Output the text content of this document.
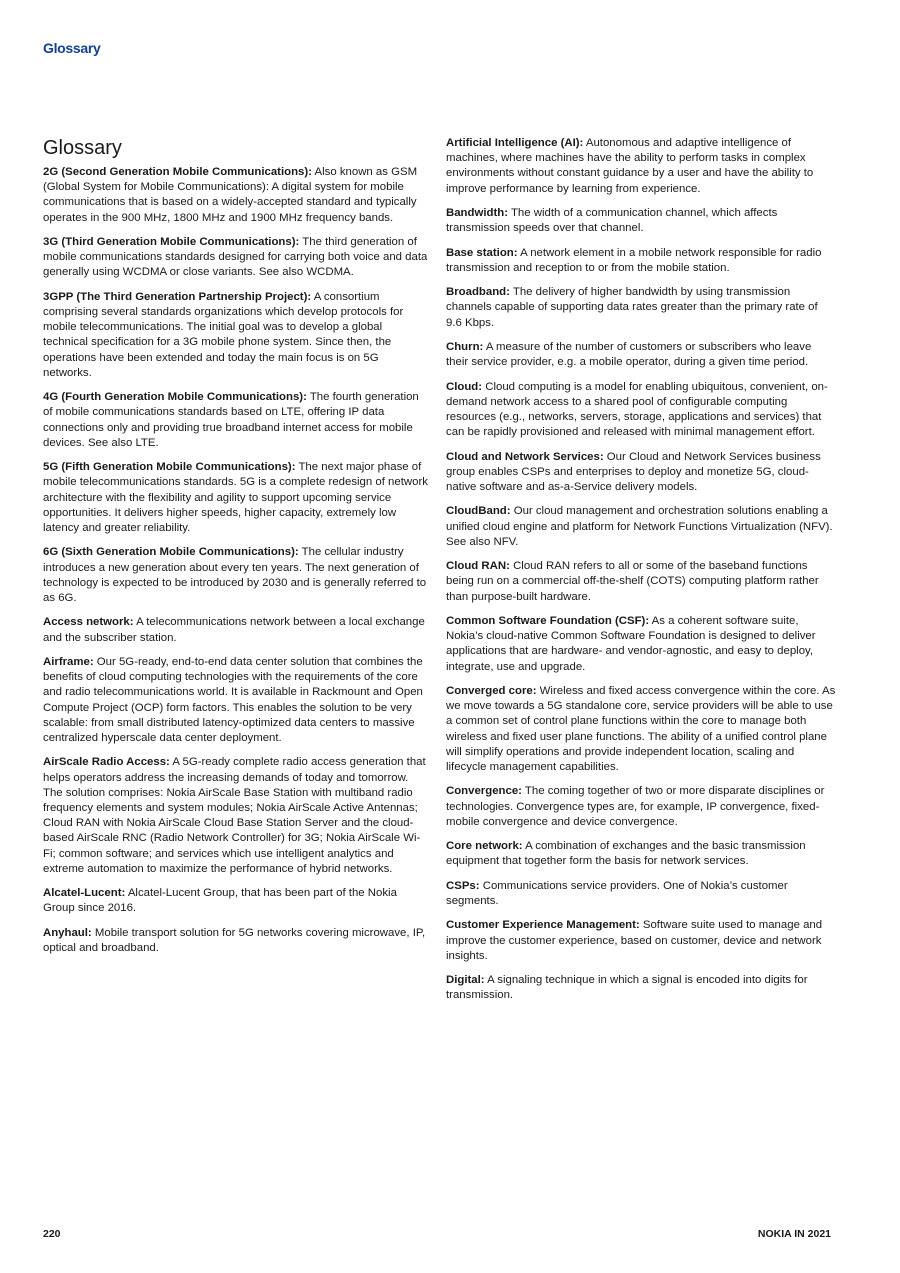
Glossary
Glossary

2G (Second Generation Mobile Communications): Also known as GSM (Global System for Mobile Communications): A digital system for mobile communications that is based on a widely-accepted standard and typically operates in the 900 MHz, 1800 MHz and 1900 MHz frequency bands.

3G (Third Generation Mobile Communications): The third generation of mobile communications standards designed for carrying both voice and data generally using WCDMA or close variants. See also WCDMA.

3GPP (The Third Generation Partnership Project): A consortium comprising several standards organizations which develop protocols for mobile telecommunications. The initial goal was to develop a global technical specification for a 3G mobile phone system. Since then, the operations have been extended and today the main focus is on 5G networks.

4G (Fourth Generation Mobile Communications): The fourth generation of mobile communications standards based on LTE, offering IP data connections only and providing true broadband internet access for mobile devices. See also LTE.

5G (Fifth Generation Mobile Communications): The next major phase of mobile telecommunications standards. 5G is a complete redesign of network architecture with the flexibility and agility to support upcoming service opportunities. It delivers higher speeds, higher capacity, extremely low latency and greater reliability.

6G (Sixth Generation Mobile Communications): The cellular industry introduces a new generation about every ten years. The next generation of technology is expected to be introduced by 2030 and is generally referred to as 6G.

Access network: A telecommunications network between a local exchange and the subscriber station.

Airframe: Our 5G-ready, end-to-end data center solution that combines the benefits of cloud computing technologies with the requirements of the core and radio telecommunications world. It is available in Rackmount and Open Compute Project (OCP) form factors. This enables the solution to be very scalable: from small distributed latency-optimized data centers to massive centralized hyperscale data center deployment.

AirScale Radio Access: A 5G-ready complete radio access generation that helps operators address the increasing demands of today and tomorrow. The solution comprises: Nokia AirScale Base Station with multiband radio frequency elements and system modules; Nokia AirScale Active Antennas; Cloud RAN with Nokia AirScale Cloud Base Station Server and the cloud-based AirScale RNC (Radio Network Controller) for 3G; Nokia AirScale Wi-Fi; common software; and services which use intelligent analytics and extreme automation to maximize the performance of hybrid networks.

Alcatel-Lucent: Alcatel-Lucent Group, that has been part of the Nokia Group since 2016.

Anyhaul: Mobile transport solution for 5G networks covering microwave, IP, optical and broadband.

Artificial Intelligence (AI): Autonomous and adaptive intelligence of machines, where machines have the ability to perform tasks in complex environments without constant guidance by a user and have the ability to improve performance by learning from experience.

Bandwidth: The width of a communication channel, which affects transmission speeds over that channel.

Base station: A network element in a mobile network responsible for radio transmission and reception to or from the mobile station.

Broadband: The delivery of higher bandwidth by using transmission channels capable of supporting data rates greater than the primary rate of 9.6 Kbps.

Churn: A measure of the number of customers or subscribers who leave their service provider, e.g. a mobile operator, during a given time period.

Cloud: Cloud computing is a model for enabling ubiquitous, convenient, on-demand network access to a shared pool of configurable computing resources (e.g., networks, servers, storage, applications and services) that can be rapidly provisioned and released with minimal management effort.

Cloud and Network Services: Our Cloud and Network Services business group enables CSPs and enterprises to deploy and monetize 5G, cloud-native software and as-a-Service delivery models.

CloudBand: Our cloud management and orchestration solutions enabling a unified cloud engine and platform for Network Functions Virtualization (NFV). See also NFV.

Cloud RAN: Cloud RAN refers to all or some of the baseband functions being run on a commercial off-the-shelf (COTS) computing platform rather than purpose-built hardware.

Common Software Foundation (CSF): As a coherent software suite, Nokia’s cloud-native Common Software Foundation is designed to deliver applications that are hardware- and vendor-agnostic, and easy to deploy, integrate, use and upgrade.

Converged core: Wireless and fixed access convergence within the core. As we move towards a 5G standalone core, service providers will be able to use a common set of control plane functions within the core to manage both wireless and fixed user plane functions. The ability of a unified control plane will simplify operations and provide independent location, scaling and lifecycle management capabilities.

Convergence: The coming together of two or more disparate disciplines or technologies. Convergence types are, for example, IP convergence, fixed-mobile convergence and device convergence.

Core network: A combination of exchanges and the basic transmission equipment that together form the basis for network services.

CSPs: Communications service providers. One of Nokia’s customer segments.

Customer Experience Management: Software suite used to manage and improve the customer experience, based on customer, device and network insights.

Digital: A signaling technique in which a signal is encoded into digits for transmission.

220	NOKIA IN 2021
